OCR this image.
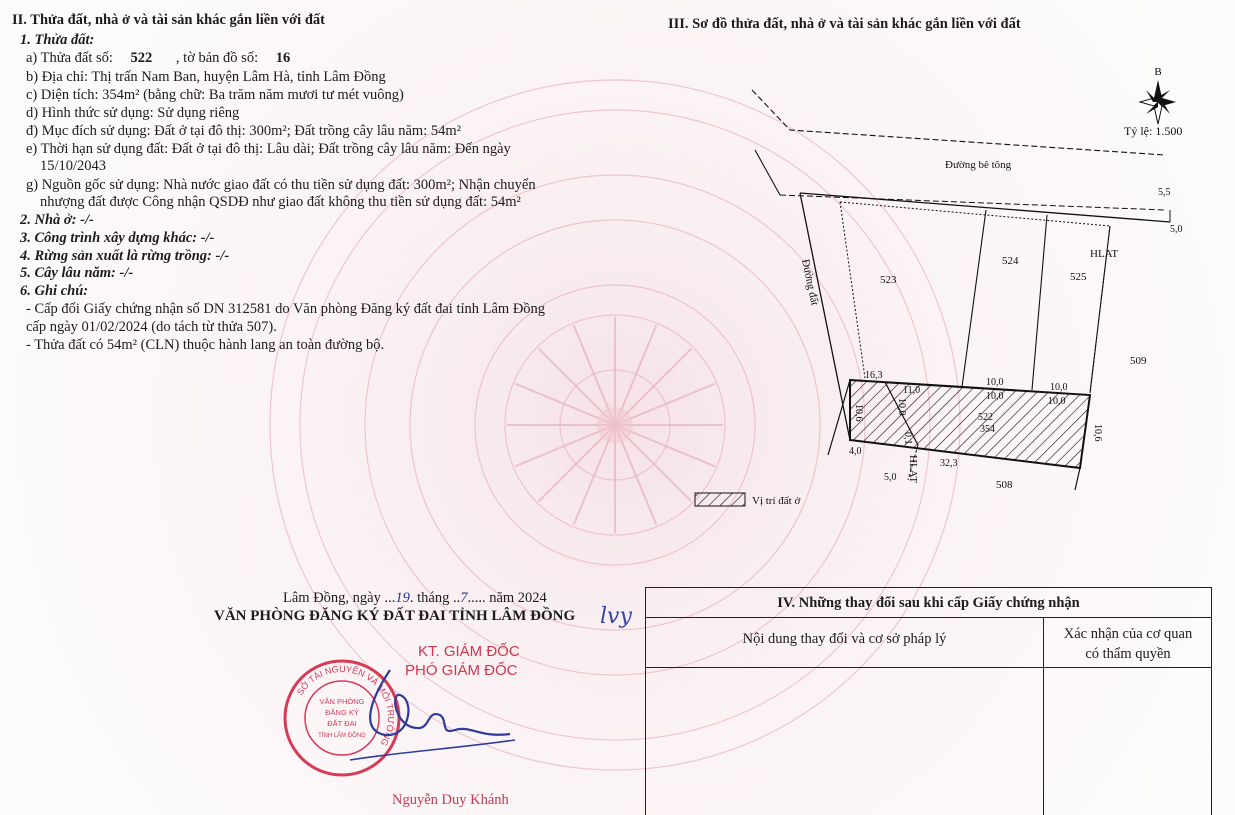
II. Thửa đất, nhà ở và tài sản khác gắn liền với đất
1. Thửa đất:
a) Thửa đất số: 522 , tờ bản đồ số: 16
b) Địa chỉ: Thị trấn Nam Ban, huyện Lâm Hà, tỉnh Lâm Đồng
c) Diện tích: 354m² (bằng chữ: Ba trăm năm mươi tư mét vuông)
d) Hình thức sử dụng: Sử dụng riêng
đ) Mục đích sử dụng: Đất ở tại đô thị: 300m²; Đất trồng cây lâu năm: 54m²
e) Thời hạn sử dụng đất: Đất ở tại đô thị: Lâu dài; Đất trồng cây lâu năm: Đến ngày
15/10/2043
g) Nguồn gốc sử dụng: Nhà nước giao đất có thu tiền sử dụng đất: 300m²; Nhận chuyển
nhượng đất được Công nhận QSDĐ như giao đất không thu tiền sử dụng đất: 54m²
2. Nhà ở: -/-
3. Công trình xây dựng khác: -/-
4. Rừng sản xuất là rừng trồng: -/-
5. Cây lâu năm: -/-
6. Ghi chú:
- Cấp đổi Giấy chứng nhận số DN 312581 do Văn phòng Đăng ký đất đai tỉnh Lâm Đồng
cấp ngày 01/02/2024 (do tách từ thửa 507).
- Thửa đất có 54m² (CLN) thuộc hành lang an toàn đường bộ.
Lâm Đồng, ngày ...19. tháng ..7..... năm 2024
VĂN PHÒNG ĐĂNG KÝ ĐẤT ĐAI TỈNH LÂM ĐỒNG lvy
KT. GIÁM ĐỐC
PHÓ GIÁM ĐỐC
Nguyễn Duy Khánh
SỞ TÀI NGUYÊN VÀ MÔI TRƯỜNG
VĂN PHÒNG
ĐĂNG KÝ
ĐẤT ĐAI
TỈNH LÂM ĐỒNG
III. Sơ đồ thửa đất, nhà ở và tài sản khác gắn liền với đất
B
Tỷ lệ: 1.500
Đường bê tông
Đường đất
HLAT
5,5
5,0
523
524
525
509
508
522
354
16,3
11,0
10,0	10,0
10,0	10,0
10,6	10,0
0,1	10,6
HLAT
4,0
5,0
32,3
Vị trí đất ở
IV. Những thay đổi sau khi cấp Giấy chứng nhận
Nội dung thay đổi và cơ sở pháp lý	Xác nhận của cơ quan
có thẩm quyền
